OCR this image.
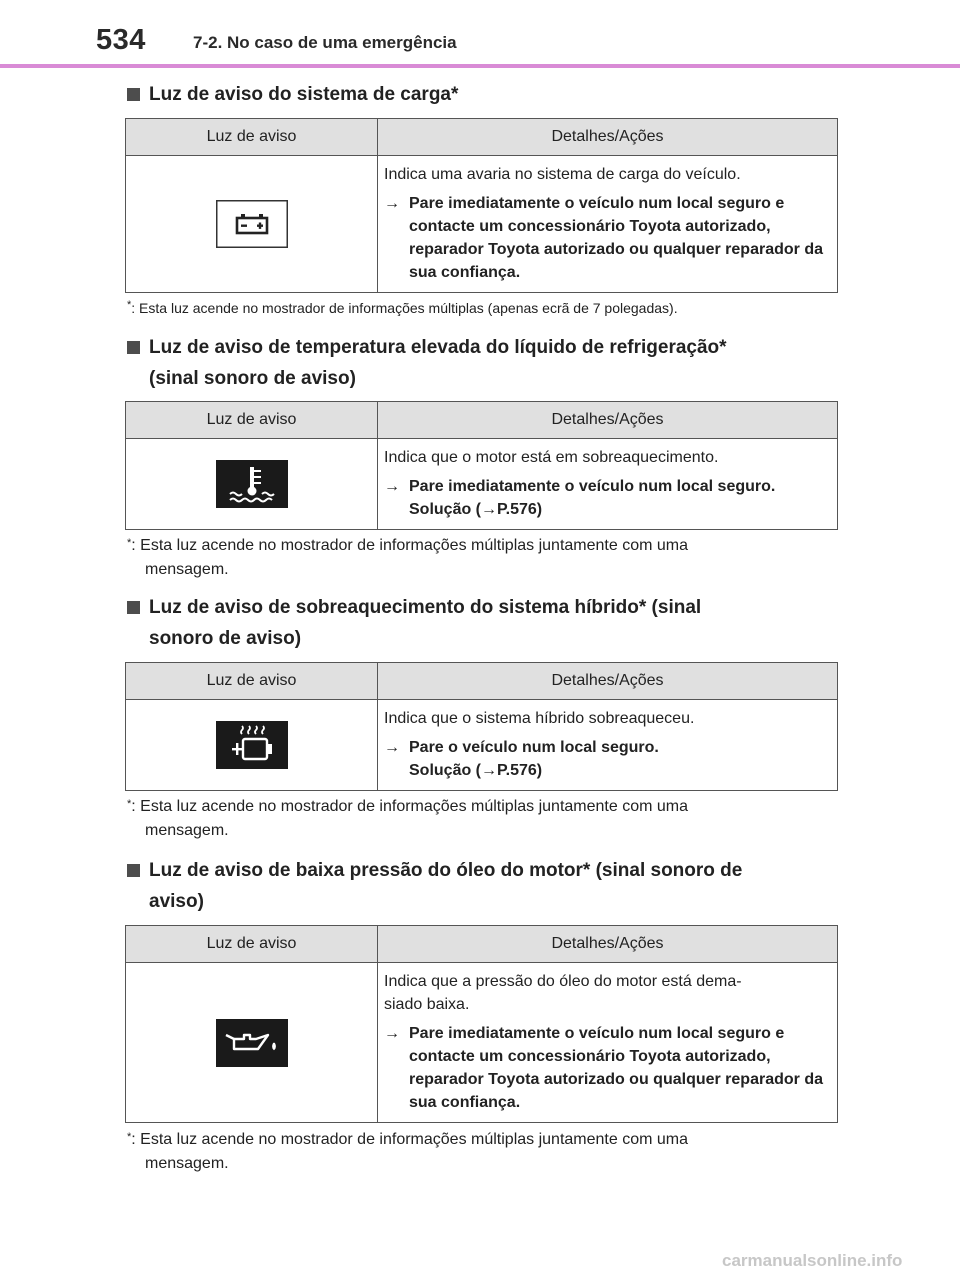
534	7-2. No caso de uma emergência
Luz de aviso do sistema de carga*
Luz de aviso	Detalhes/Ações

Indica uma avaria no sistema de carga do veículo.

→ Pare imediatamente o veículo num local seguro e contacte um concessionário Toyota autorizado, reparador Toyota autorizado ou qualquer reparador da sua confiança.

*: Esta luz acende no mostrador de informações múltiplas (apenas ecrã de 7 polegadas).
Luz de aviso de temperatura elevada do líquido de refrigeração*
(sinal sonoro de aviso)
Luz de aviso	Detalhes/Ações

Indica que o motor está em sobreaquecimento.

→ Pare imediatamente o veículo num local seguro.
Solução (→P.576)

*: Esta luz acende no mostrador de informações múltiplas juntamente com uma
mensagem.
Luz de aviso de sobreaquecimento do sistema híbrido* (sinal
sonoro de aviso)
Luz de aviso	Detalhes/Ações

Indica que o sistema híbrido sobreaqueceu.

→ Pare o veículo num local seguro.
Solução (→P.576)

*: Esta luz acende no mostrador de informações múltiplas juntamente com uma
mensagem.
Luz de aviso de baixa pressão do óleo do motor* (sinal sonoro de
aviso)
Luz de aviso	Detalhes/Ações

Indica que a pressão do óleo do motor está dema-
siado baixa.

→ Pare imediatamente o veículo num local seguro e contacte um concessionário Toyota autorizado, reparador Toyota autorizado ou qualquer reparador da sua confiança.

*: Esta luz acende no mostrador de informações múltiplas juntamente com uma
mensagem.
carmanualsonline.info
